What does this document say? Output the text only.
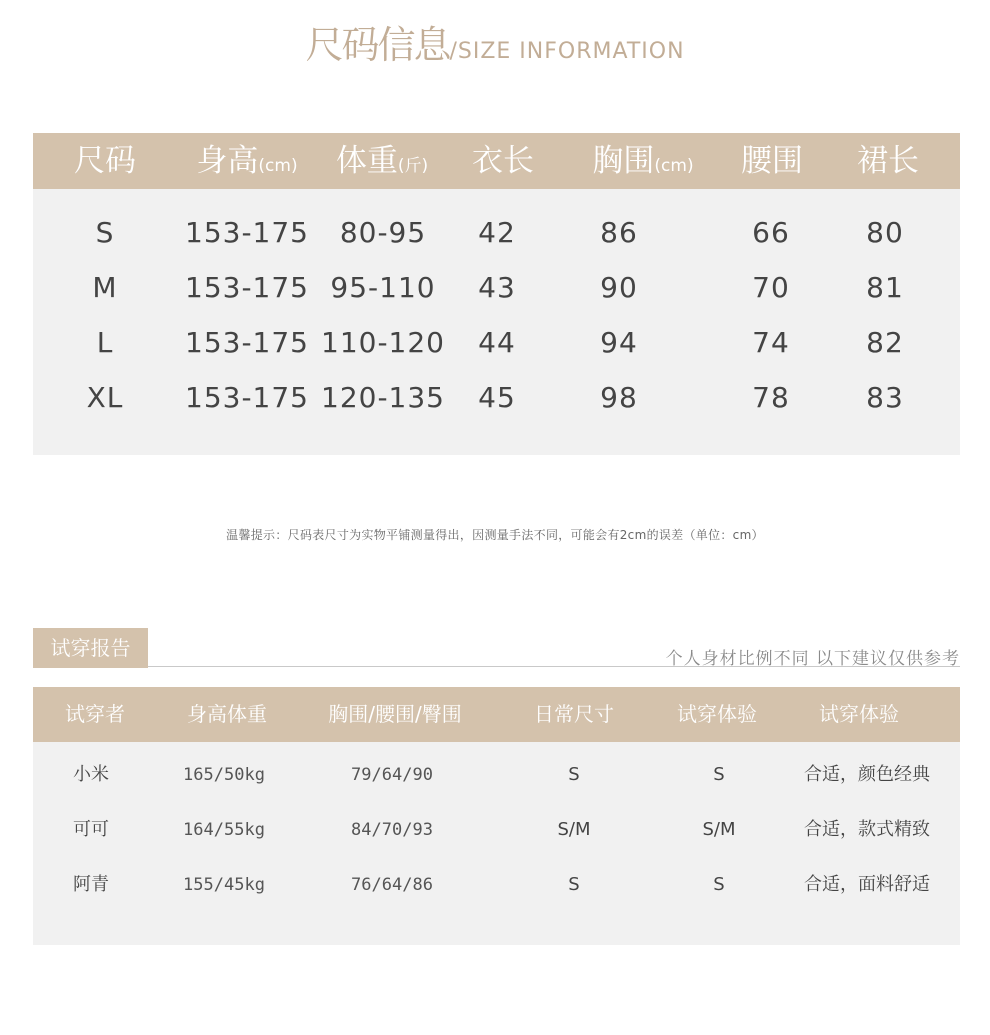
尺码信息/SIZE INFORMATION
尺码 身高(cm) 体重(斤) 衣长 胸围(cm) 腰围 裙长
S	153-175 80-95 42	86	66	80
M 153-175 95-110 43	90	70	81
L	153-175 110-120 44	94	74	82
XL 153-175 120-135 45	98	78	83
温馨提示：尺码表尺寸为实物平铺测量得出，因测量手法不同，可能会有2cm的误差（单位：cm）
试穿报告	个人身材比例不同 以下建议仅供参考
试穿者	身高体重	胸围/腰围/臀围	日常尺寸	试穿体验	试穿体验
小米	165/50kg	79/64/90	S	S	合适，颜色经典
可可	164/55kg	84/70/93	S/M	S/M	合适，款式精致
阿青	155/45kg	76/64/86	S	S	合适，面料舒适
